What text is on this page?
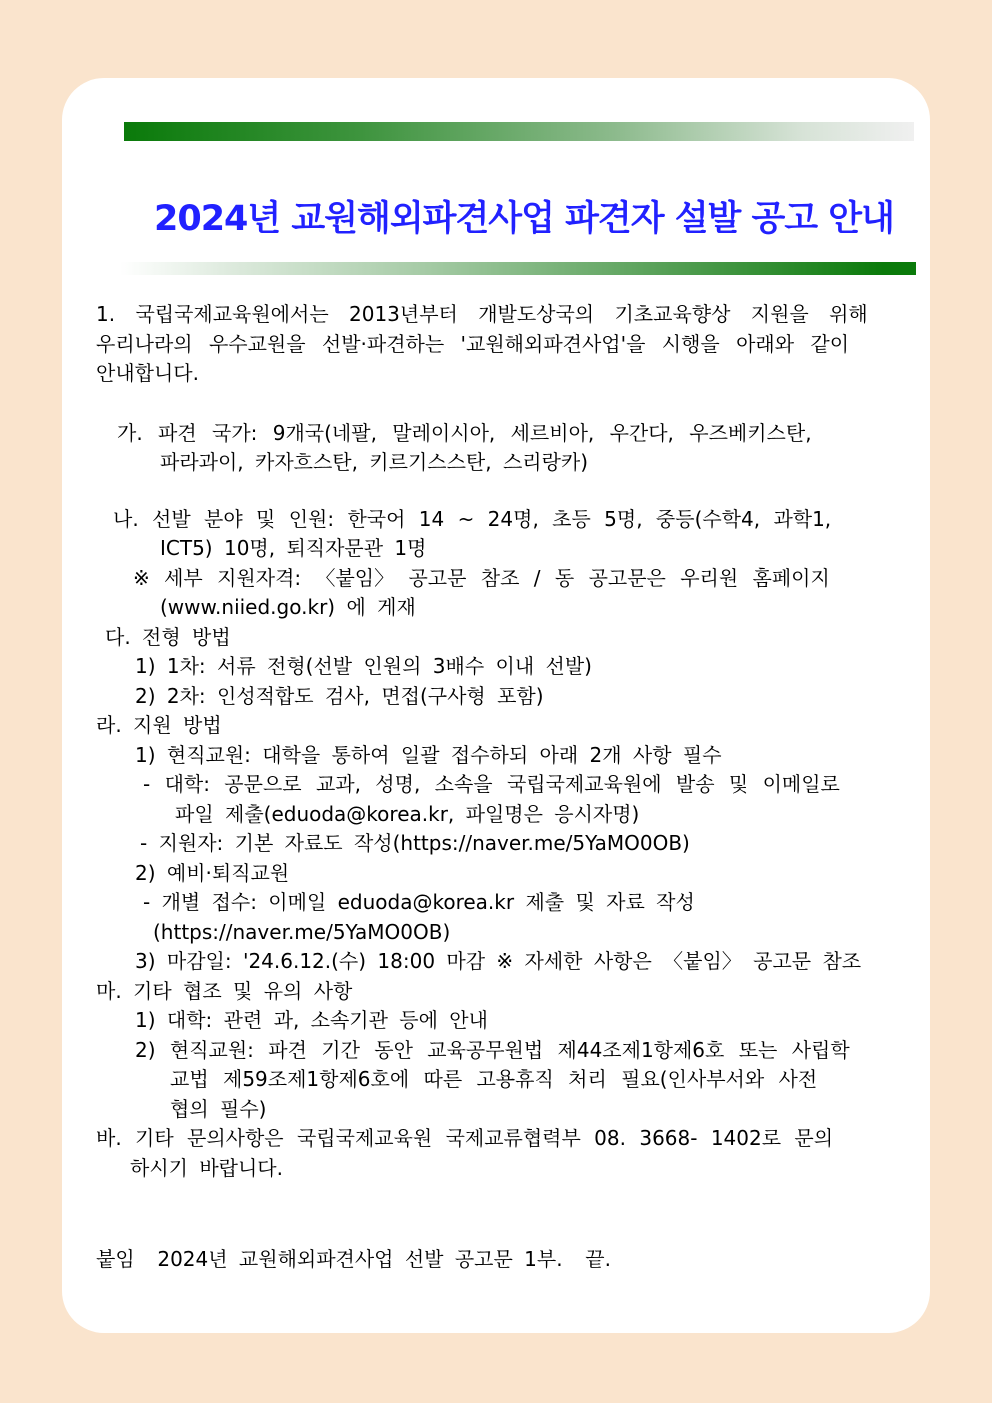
2024년 교원해외파견사업 파견자 설발 공고 안내
1. 국립국제교육원에서는 2013년부터 개발도상국의 기초교육향상 지원을 위해
우리나라의 우수교원을 선발·파견하는 '교원해외파견사업'을 시행을 아래와 같이
안내합니다.
가. 파견 국가: 9개국(네팔, 말레이시아, 세르비아, 우간다, 우즈베키스탄,
파라과이, 카자흐스탄, 키르기스스탄, 스리랑카)
나. 선발 분야 및 인원: 한국어 14 ~ 24명, 초등 5명, 중등(수학4, 과학1,
ICT5) 10명, 퇴직자문관 1명
※ 세부 지원자격: 〈붙임〉 공고문 참조 / 동 공고문은 우리원 홈페이지
(www.niied.go.kr) 에 게재
다. 전형 방법
1) 1차: 서류 전형(선발 인원의 3배수 이내 선발)
2) 2차: 인성적합도 검사, 면접(구사형 포함)
라. 지원 방법
1) 현직교원: 대학을 통하여 일괄 접수하되 아래 2개 사항 필수
- 대학: 공문으로 교과, 성명, 소속을 국립국제교육원에 발송 및 이메일로
파일 제출(eduoda@korea.kr, 파일명은 응시자명)
- 지원자: 기본 자료도 작성(https://naver.me/5YaMO0OB)
2) 예비·퇴직교원
- 개별 접수: 이메일 eduoda@korea.kr 제출 및 자료 작성
(https://naver.me/5YaMO0OB)
3) 마감일: '24.6.12.(수) 18:00 마감 ※ 자세한 사항은 〈붙임〉 공고문 참조
마. 기타 협조 및 유의 사항
1) 대학: 관련 과, 소속기관 등에 안내
2) 현직교원: 파견 기간 동안 교육공무원법 제44조제1항제6호 또는 사립학
교법 제59조제1항제6호에 따른 고용휴직 처리 필요(인사부서와 사전
협의 필수)
바. 기타 문의사항은 국립국제교육원 국제교류협력부 08. 3668- 1402로 문의
하시기 바랍니다.
붙임  2024년 교원해외파견사업 선발 공고문 1부.  끝.
